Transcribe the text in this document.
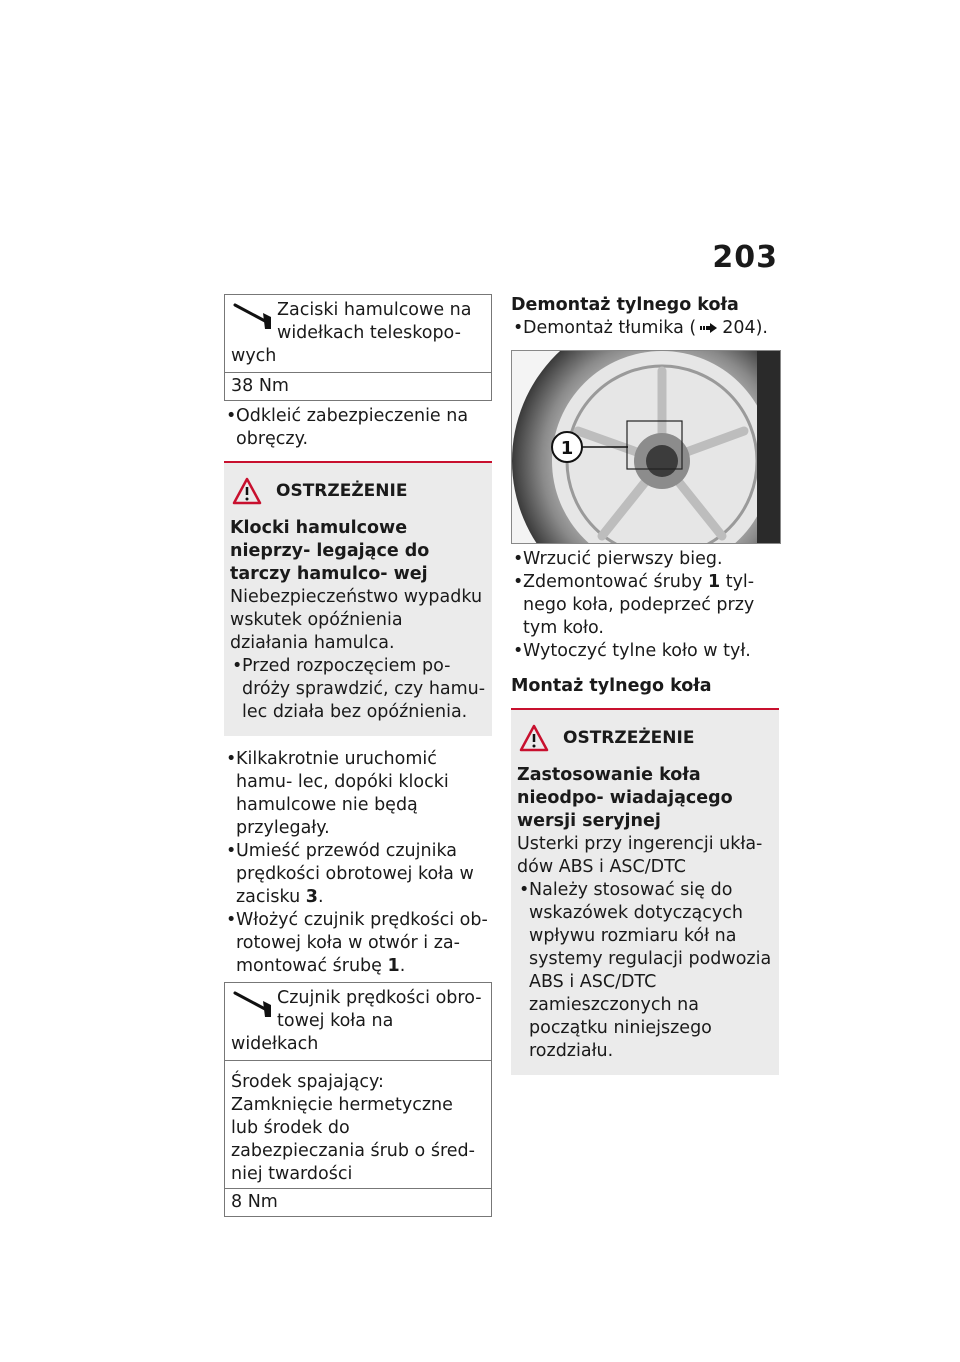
203
Zaciski hamulcowe na widełkach teleskopo- wych
38 Nm
• Odkleić zabezpieczenie na obręczy.
OSTRZEŻENIE
Klocki hamulcowe nieprzy- legające do tarczy hamulco- wej
Niebezpieczeństwo wypadku wskutek opóźnienia działania hamulca.
• Przed rozpoczęciem po- dróży sprawdzić, czy hamu- lec działa bez opóźnienia.
• Kilkakrotnie uruchomić hamu- lec, dopóki klocki hamulcowe nie będą przylegały.
• Umieść przewód czujnika prędkości obrotowej koła w zacisku 3.
• Włożyć czujnik prędkości ob- rotowej koła w otwór i za- montować śrubę 1.
Czujnik prędkości obro- towej koła na widełkach
Środek spajający: Zamknięcie hermetyczne lub środek do zabezpieczania śrub o śred- niej twardości
8 Nm
Demontaż tylnego koła
• Demontaż tłumika ( 204).
1
• Wrzucić pierwszy bieg.
• Zdemontować śruby 1 tyl- nego koła, podeprzeć przy tym koło.
• Wytoczyć tylne koło w tył.
Montaż tylnego koła
OSTRZEŻENIE
Zastosowanie koła nieodpo- wiadającego wersji seryjnej
Usterki przy ingerencji ukła- dów ABS i ASC/DTC
• Należy stosować się do wskazówek dotyczących wpływu rozmiaru kół na systemy regulacji podwozia ABS i ASC/DTC zamieszczonych na początku niniejszego rozdziału.
